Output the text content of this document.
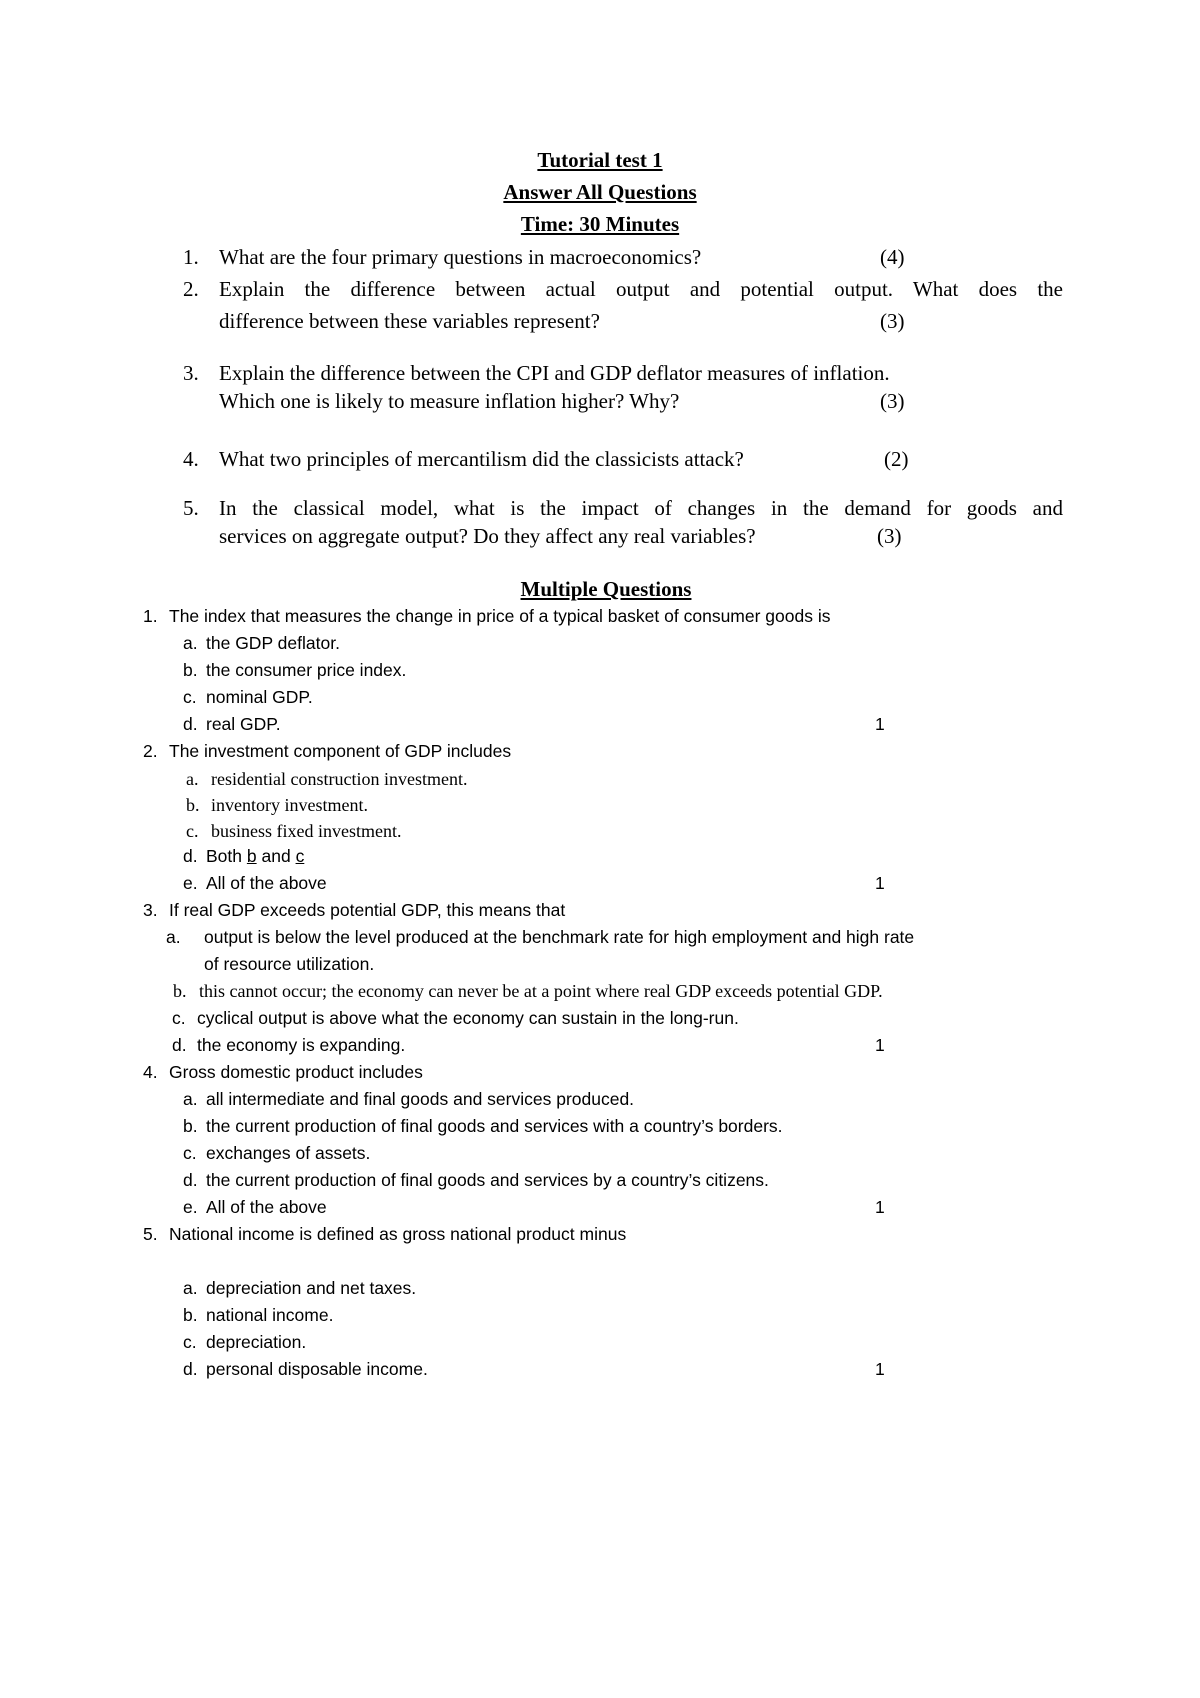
Tutorial test 1
Answer All Questions
Time: 30 Minutes
1. What are the four primary questions in macroeconomics?	(4)
2. Explain the difference between actual output and potential output. What does the
difference between these variables represent?	(3)
3. Explain the difference between the CPI and GDP deflator measures of inflation.
Which one is likely to measure inflation higher? Why?	(3)
4. What two principles of mercantilism did the classicists attack?	(2)
5. In the classical model, what is the impact of changes in the demand for goods and
services on aggregate output? Do they affect any real variables?	(3)
Multiple Questions
1. The index that measures the change in price of a typical basket of consumer goods is
a. the GDP deflator.
b. the consumer price index.
c. nominal GDP.
d. real GDP.	1
2. The investment component of GDP includes
a. residential construction investment.
b. inventory investment.
c. business fixed investment.
d. Both b and c
e. All of the above	1
3. If real GDP exceeds potential GDP, this means that
a. output is below the level produced at the benchmark rate for high employment and high rate
of resource utilization.
b. this cannot occur; the economy can never be at a point where real GDP exceeds potential GDP.
c. cyclical output is above what the economy can sustain in the long-run.
d. the economy is expanding.	1
4. Gross domestic product includes
a. all intermediate and final goods and services produced.
b. the current production of final goods and services with a country’s borders.
c. exchanges of assets.
d. the current production of final goods and services by a country’s citizens.
e. All of the above	1
5. National income is defined as gross national product minus
a. depreciation and net taxes.
b. national income.
c. depreciation.
d. personal disposable income.	1
